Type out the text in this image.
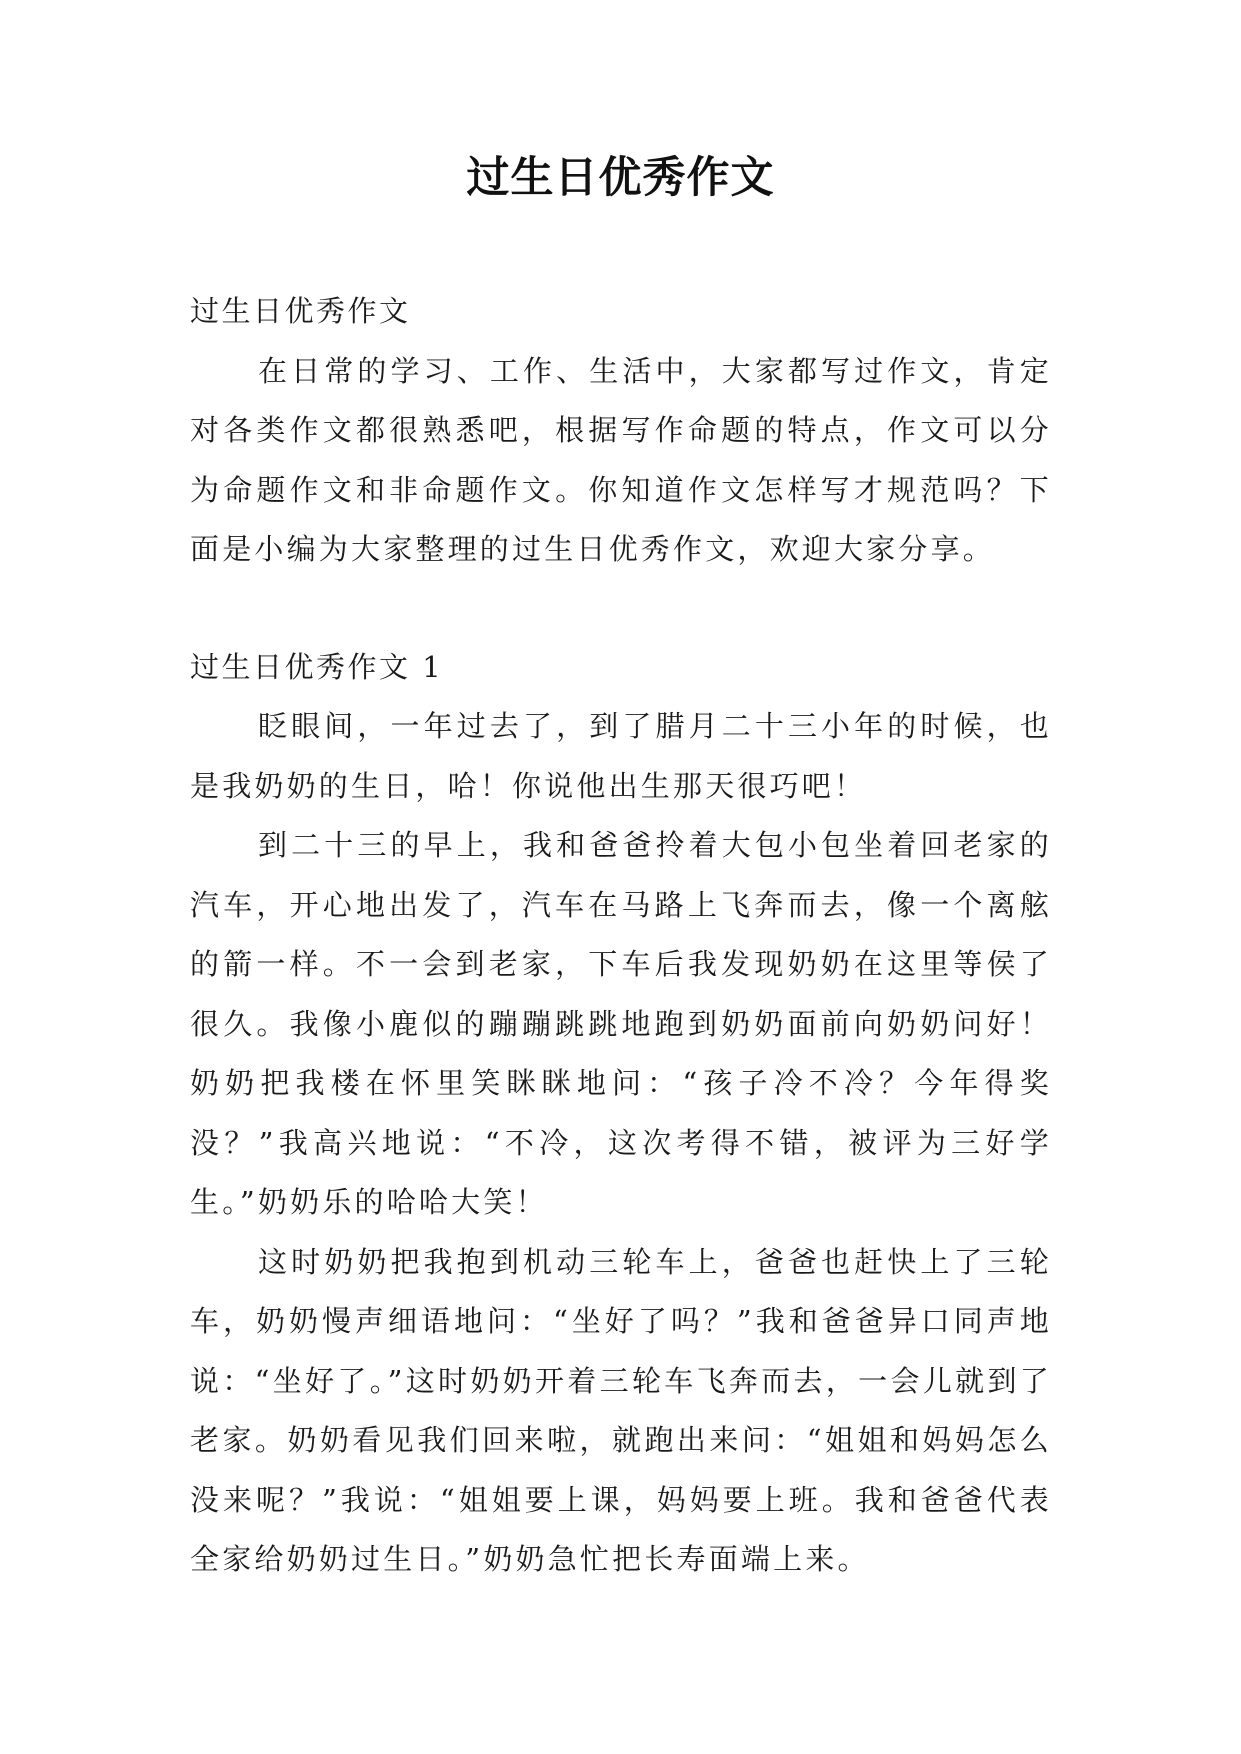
过生日优秀作文

过生日优秀作文

在日常的学习、工作、生活中，大家都写过作文，肯定对各类作文都很熟悉吧，根据写作命题的特点，作文可以分为命题作文和非命题作文。你知道作文怎样写才规范吗？下面是小编为大家整理的过生日优秀作文，欢迎大家分享。

过生日优秀作文 1

眨眼间，一年过去了，到了腊月二十三小年的时候，也是我奶奶的生日，哈！你说他出生那天很巧吧！

到二十三的早上，我和爸爸拎着大包小包坐着回老家的汽车，开心地出发了，汽车在马路上飞奔而去，像一个离舷的箭一样。不一会到老家，下车后我发现奶奶在这里等侯了很久。我像小鹿似的蹦蹦跳跳地跑到奶奶面前向奶奶问好！奶奶把我楼在怀里笑眯眯地问：“孩子冷不冷？今年得奖没？”我高兴地说：“不冷，这次考得不错，被评为三好学生。”奶奶乐的哈哈大笑！

这时奶奶把我抱到机动三轮车上，爸爸也赶快上了三轮车，奶奶慢声细语地问：“坐好了吗？”我和爸爸异口同声地说：“坐好了。”这时奶奶开着三轮车飞奔而去，一会儿就到了老家。奶奶看见我们回来啦，就跑出来问：“姐姐和妈妈怎么没来呢？”我说：“姐姐要上课，妈妈要上班。我和爸爸代表全家给奶奶过生日。”奶奶急忙把长寿面端上来。
